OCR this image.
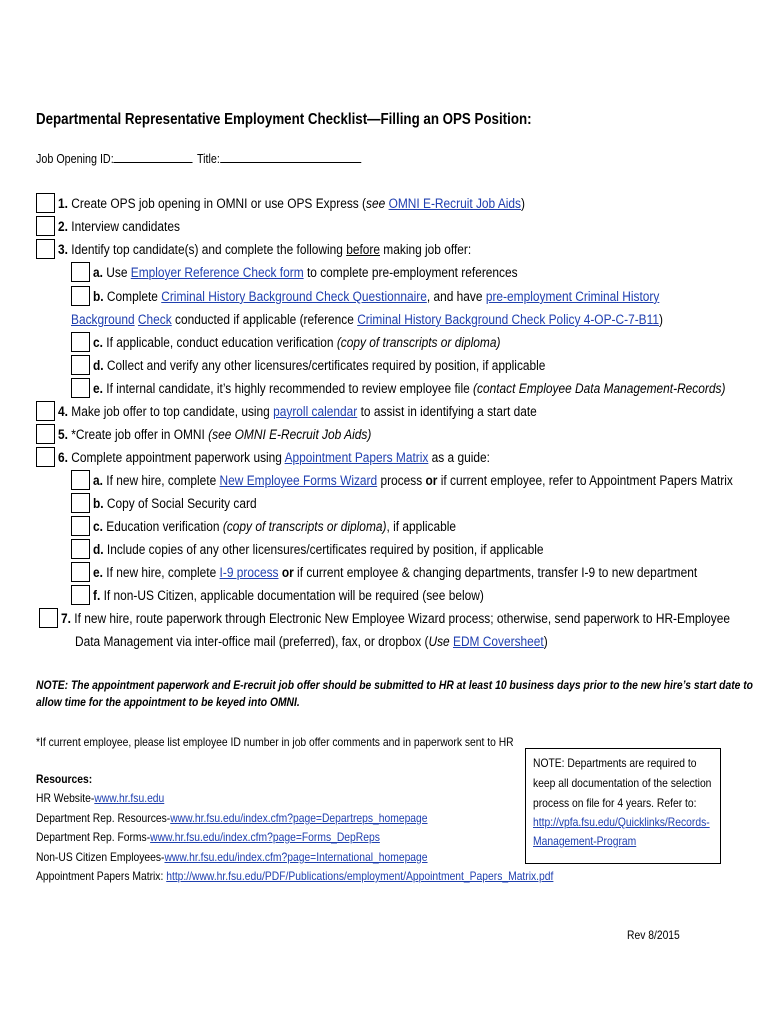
Departmental Representative Employment Checklist—Filling an OPS Position:
Job Opening ID:	Title:
1. Create OPS job opening in OMNI or use OPS Express (see OMNI E-Recruit Job Aids)
2. Interview candidates
3. Identify top candidate(s) and complete the following before making job offer:
a. Use Employer Reference Check form to complete pre-employment references
b. Complete Criminal History Background Check Questionnaire, and have pre-employment Criminal History
Background Check conducted if applicable (reference Criminal History Background Check Policy 4-OP-C-7-B11)
c. If applicable, conduct education verification (copy of transcripts or diploma)
d. Collect and verify any other licensures/certificates required by position, if applicable
e. If internal candidate, it’s highly recommended to review employee file (contact Employee Data Management-Records)
4. Make job offer to top candidate, using payroll calendar to assist in identifying a start date
5. *Create job offer in OMNI (see OMNI E-Recruit Job Aids)
6. Complete appointment paperwork using Appointment Papers Matrix as a guide:
a. If new hire, complete New Employee Forms Wizard process or if current employee, refer to Appointment Papers Matrix
b. Copy of Social Security card
c. Education verification (copy of transcripts or diploma), if applicable
d. Include copies of any other licensures/certificates required by position, if applicable
e. If new hire, complete I-9 process or if current employee & changing departments, transfer I-9 to new department
f. If non-US Citizen, applicable documentation will be required (see below)
7. If new hire, route paperwork through Electronic New Employee Wizard process; otherwise, send paperwork to HR-Employee
Data Management via inter-office mail (preferred), fax, or dropbox (Use EDM Coversheet)
NOTE: The appointment paperwork and E-recruit job offer should be submitted to HR at least 10 business days prior to the new hire’s start date to
allow time for the appointment to be keyed into OMNI.
*If current employee, please list employee ID number in job offer comments and in paperwork sent to HR
Resources:
HR Website-www.hr.fsu.edu
Department Rep. Resources-www.hr.fsu.edu/index.cfm?page=Departreps_homepage
Department Rep. Forms-www.hr.fsu.edu/index.cfm?page=Forms_DepReps
Non-US Citizen Employees-www.hr.fsu.edu/index.cfm?page=International_homepage
Appointment Papers Matrix: http://www.hr.fsu.edu/PDF/Publications/employment/Appointment_Papers_Matrix.pdf
NOTE: Departments are required to
keep all documentation of the selection
process on file for 4 years. Refer to:
http://vpfa.fsu.edu/Quicklinks/Records-
Management-Program
Rev 8/2015
